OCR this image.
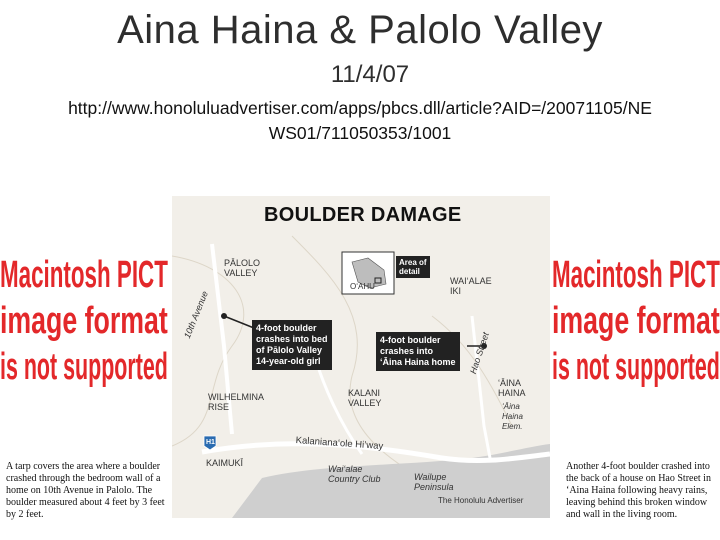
Aina Haina & Palolo Valley
11/4/07
http://www.honoluluadvertiser.com/apps/pbcs.dll/article?AID=/20071105/NE
WS01/711050353/1001
Macintosh PICT
image format
is not supported
Macintosh PICT
image format
is not supported
A tarp covers the area where a boulder crashed through the bedroom wall of a home on 10th Avenue in Palolo. The boulder measured about 4 feet by 3 feet by 2 feet.
Another 4-foot boulder crashed into the back of a house on Hao Street in ‘Aina Haina following heavy rains, leaving behind this broken window and wall in the living room.
BOULDER DAMAGE
PĀLOLO
VALLEY
10th Avenue
O‘AHU
Area of detail
WAI‘ALAE
IKI
Hao Street
‘ĀINA
HAINA
‘Āina
Haina
Elem.
WILHELMINA
RISE
KALANI
VALLEY
Kalaniana‘ole Hi’way
KAIMUKĪ
H1
Wai‘alae
Country Club	Wailupe
Peninsula
4-foot boulder
crashes into bed
of Pālolo Valley
14-year-old girl
4-foot boulder
crashes into
‘Āina Haina home
The Honolulu Advertiser
